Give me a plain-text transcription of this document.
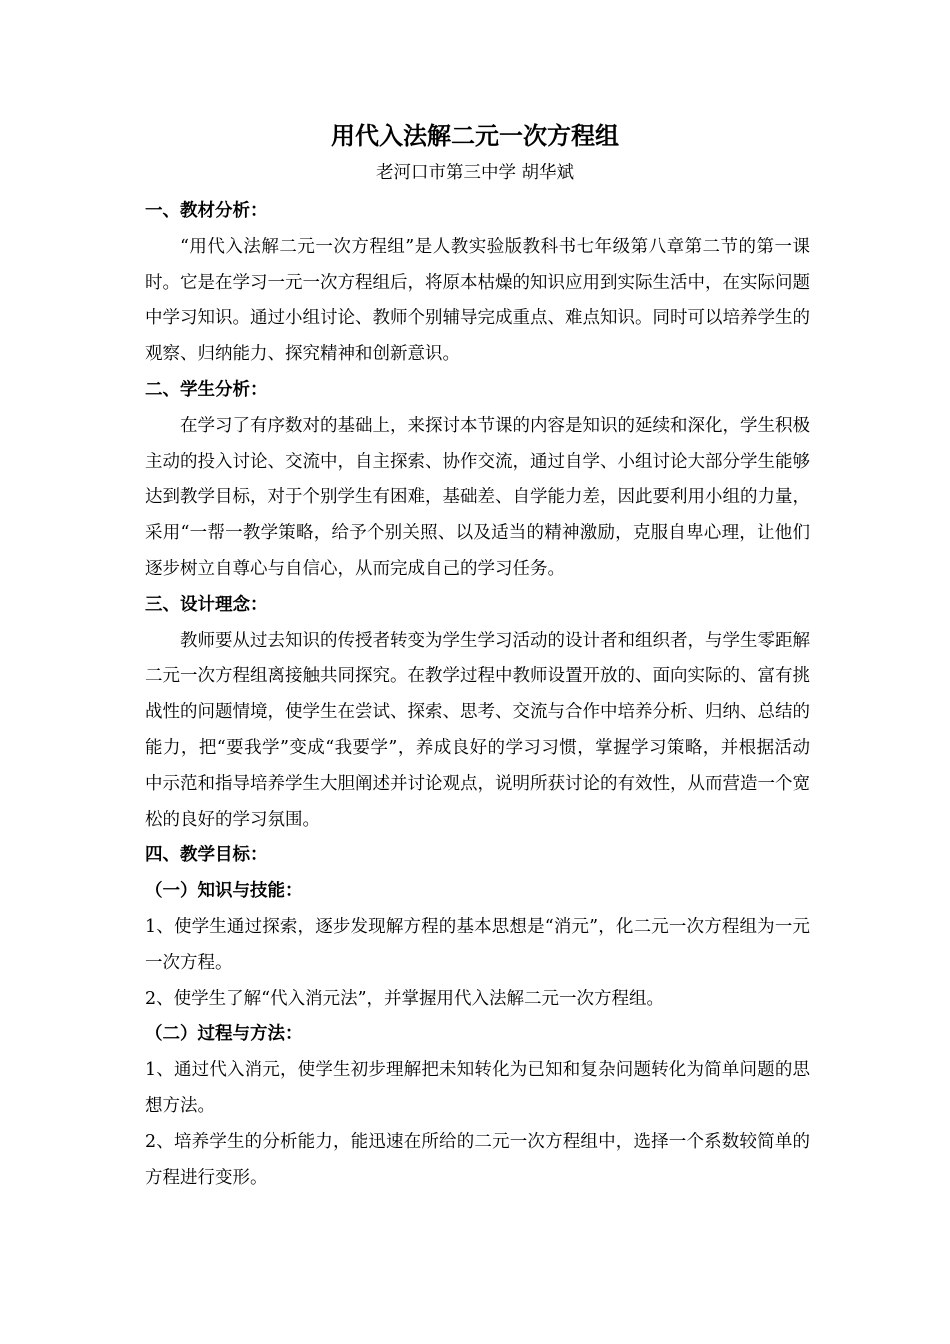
用代入法解二元一次方程组
老河口市第三中学 胡华斌
一、教材分析：

“用代入法解二元一次方程组”是人教实验版教科书七年级第八章第二节的第一课时。它是在学习一元一次方程组后，将原本枯燥的知识应用到实际生活中，在实际问题中学习知识。通过小组讨论、教师个别辅导完成重点、难点知识。同时可以培养学生的观察、归纳能力、探究精神和创新意识。

二、学生分析：

在学习了有序数对的基础上，来探讨本节课的内容是知识的延续和深化，学生积极主动的投入讨论、交流中，自主探索、协作交流，通过自学、小组讨论大部分学生能够达到教学目标，对于个别学生有困难，基础差、自学能力差，因此要利用小组的力量，采用“一帮一教学策略，给予个别关照、以及适当的精神激励，克服自卑心理，让他们逐步树立自尊心与自信心，从而完成自己的学习任务。

三、设计理念：

教师要从过去知识的传授者转变为学生学习活动的设计者和组织者，与学生零距解二元一次方程组离接触共同探究。在教学过程中教师设置开放的、面向实际的、富有挑战性的问题情境，使学生在尝试、探索、思考、交流与合作中培养分析、归纳、总结的能力，把“要我学”变成“我要学”，养成良好的学习习惯，掌握学习策略，并根据活动中示范和指导培养学生大胆阐述并讨论观点，说明所获讨论的有效性，从而营造一个宽松的良好的学习氛围。

四、教学目标：
（一）知识与技能：

1、使学生通过探索，逐步发现解方程的基本思想是“消元”，化二元一次方程组为一元一次方程。

2、使学生了解“代入消元法”，并掌握用代入法解二元一次方程组。

（二）过程与方法：

1、通过代入消元，使学生初步理解把未知转化为已知和复杂问题转化为简单问题的思想方法。

2、培养学生的分析能力，能迅速在所给的二元一次方程组中，选择一个系数较简单的方程进行变形。
